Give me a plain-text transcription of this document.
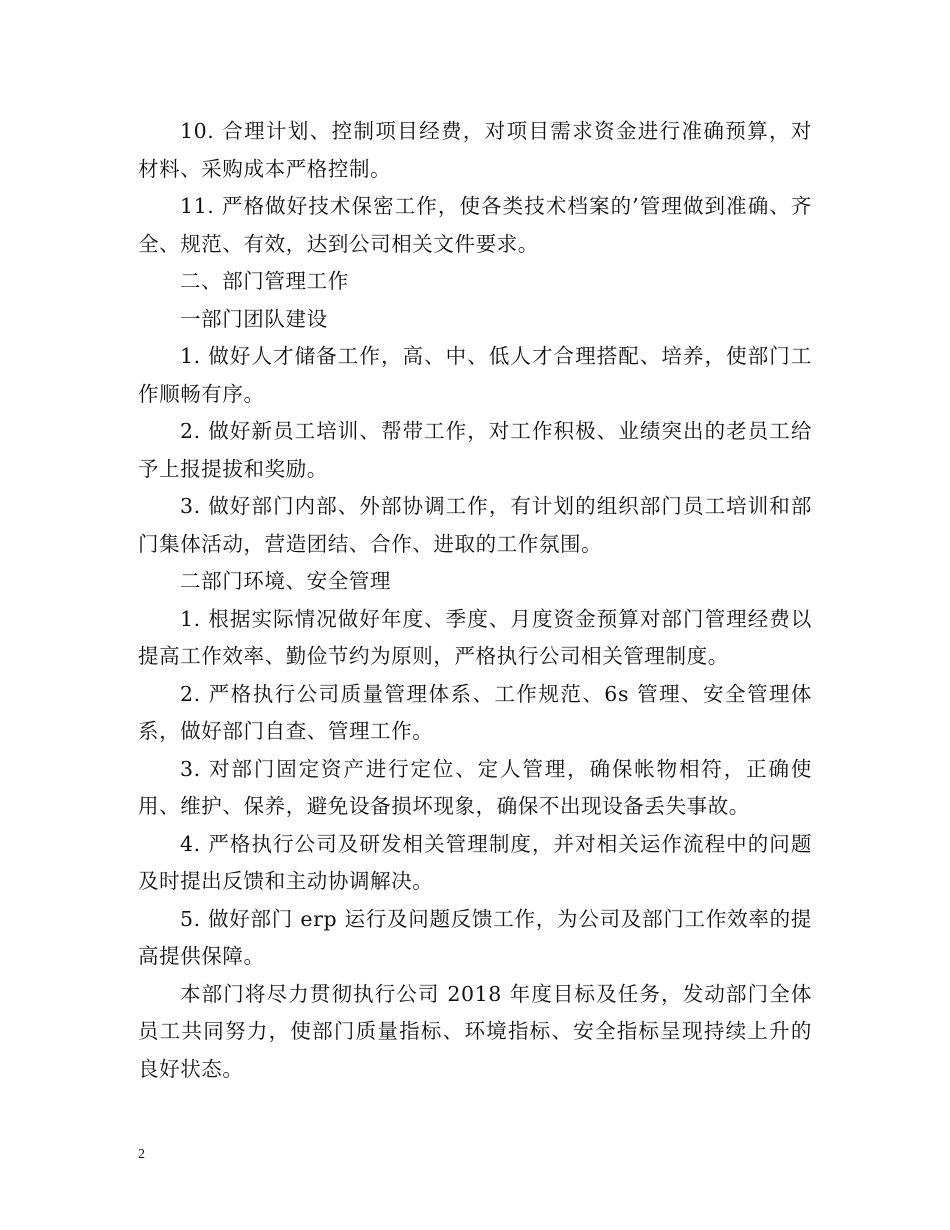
10. 合理计划、控制项目经费，对项目需求资金进行准确预算，对材料、采购成本严格控制。

11. 严格做好技术保密工作，使各类技术档案的’管理做到准确、齐全、规范、有效，达到公司相关文件要求。

二、部门管理工作

一部门团队建设

1. 做好人才储备工作，高、中、低人才合理搭配、培养，使部门工作顺畅有序。

2. 做好新员工培训、帮带工作，对工作积极、业绩突出的老员工给予上报提拔和奖励。

3. 做好部门内部、外部协调工作，有计划的组织部门员工培训和部门集体活动，营造团结、合作、进取的工作氛围。

二部门环境、安全管理

1. 根据实际情况做好年度、季度、月度资金预算对部门管理经费以提高工作效率、勤俭节约为原则，严格执行公司相关管理制度。

2. 严格执行公司质量管理体系、工作规范、6s 管理、安全管理体系，做好部门自查、管理工作。

3. 对部门固定资产进行定位、定人管理，确保帐物相符，正确使用、维护、保养，避免设备损坏现象，确保不出现设备丢失事故。

4. 严格执行公司及研发相关管理制度，并对相关运作流程中的问题及时提出反馈和主动协调解决。

5. 做好部门 erp 运行及问题反馈工作，为公司及部门工作效率的提高提供保障。

本部门将尽力贯彻执行公司 2018 年度目标及任务，发动部门全体员工共同努力，使部门质量指标、环境指标、安全指标呈现持续上升的良好状态。

2
